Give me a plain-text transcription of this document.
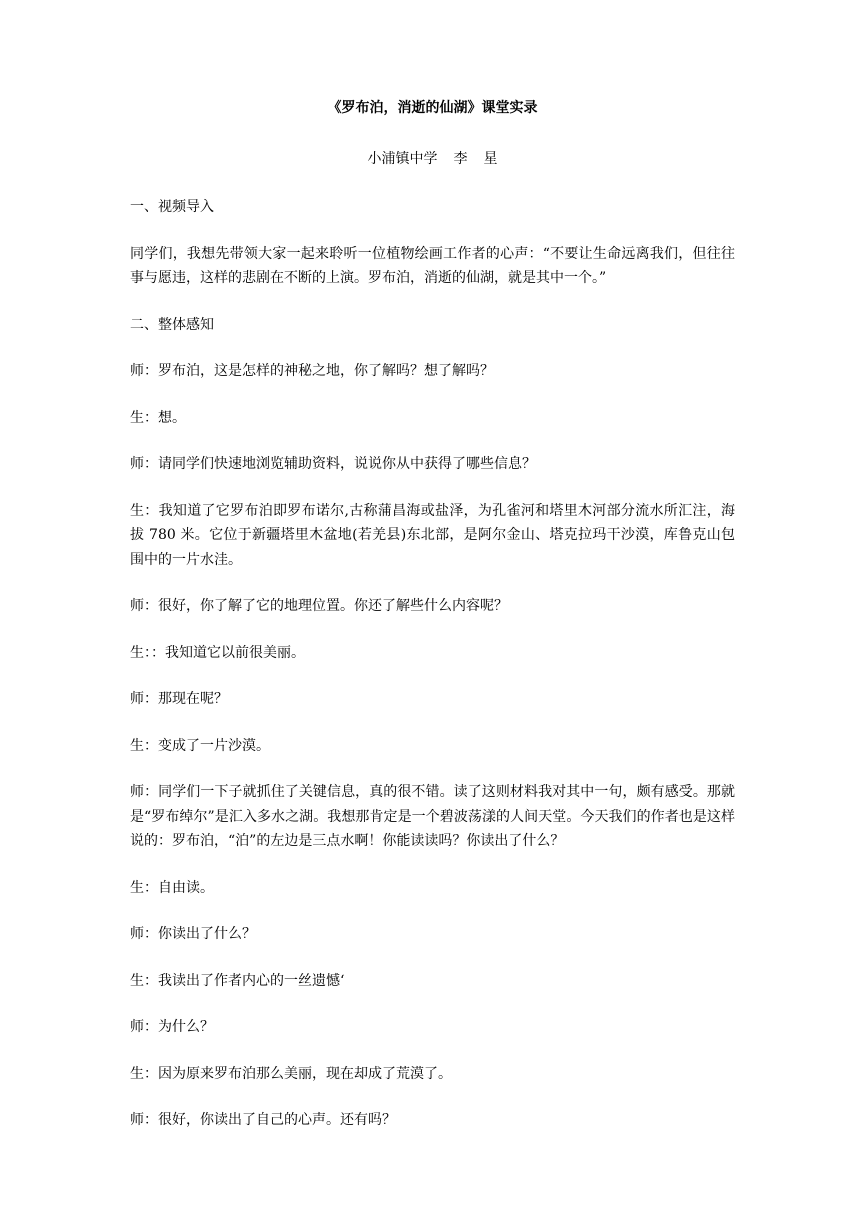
《罗布泊，消逝的仙湖》课堂实录
小浦镇中学 李 星

一、视频导入

同学们，我想先带领大家一起来聆听一位植物绘画工作者的心声：“不要让生命远离我们，但往往事与愿违，这样的悲剧在不断的上演。罗布泊，消逝的仙湖，就是其中一个。”

二、整体感知

师：罗布泊，这是怎样的神秘之地，你了解吗？想了解吗？

生：想。

师：请同学们快速地浏览辅助资料，说说你从中获得了哪些信息？

生：我知道了它罗布泊即罗布诺尔,古称蒲昌海或盐泽，为孔雀河和塔里木河部分流水所汇注，海拔 780 米。它位于新疆塔里木盆地(若羌县)东北部，是阿尔金山、塔克拉玛干沙漠，库鲁克山包围中的一片水洼。

师：很好，你了解了它的地理位置。你还了解些什么内容呢？

生：：我知道它以前很美丽。

师：那现在呢？

生：变成了一片沙漠。

师：同学们一下子就抓住了关键信息，真的很不错。读了这则材料我对其中一句，颇有感受。那就是“罗布绰尔”是汇入多水之湖。我想那肯定是一个碧波荡漾的人间天堂。今天我们的作者也是这样说的：罗布泊，“泊”的左边是三点水啊！你能读读吗？你读出了什么？

生：自由读。

师：你读出了什么？

生：我读出了作者内心的一丝遗憾‘

师：为什么？

生：因为原来罗布泊那么美丽，现在却成了荒漠了。

师：很好，你读出了自己的心声。还有吗？
